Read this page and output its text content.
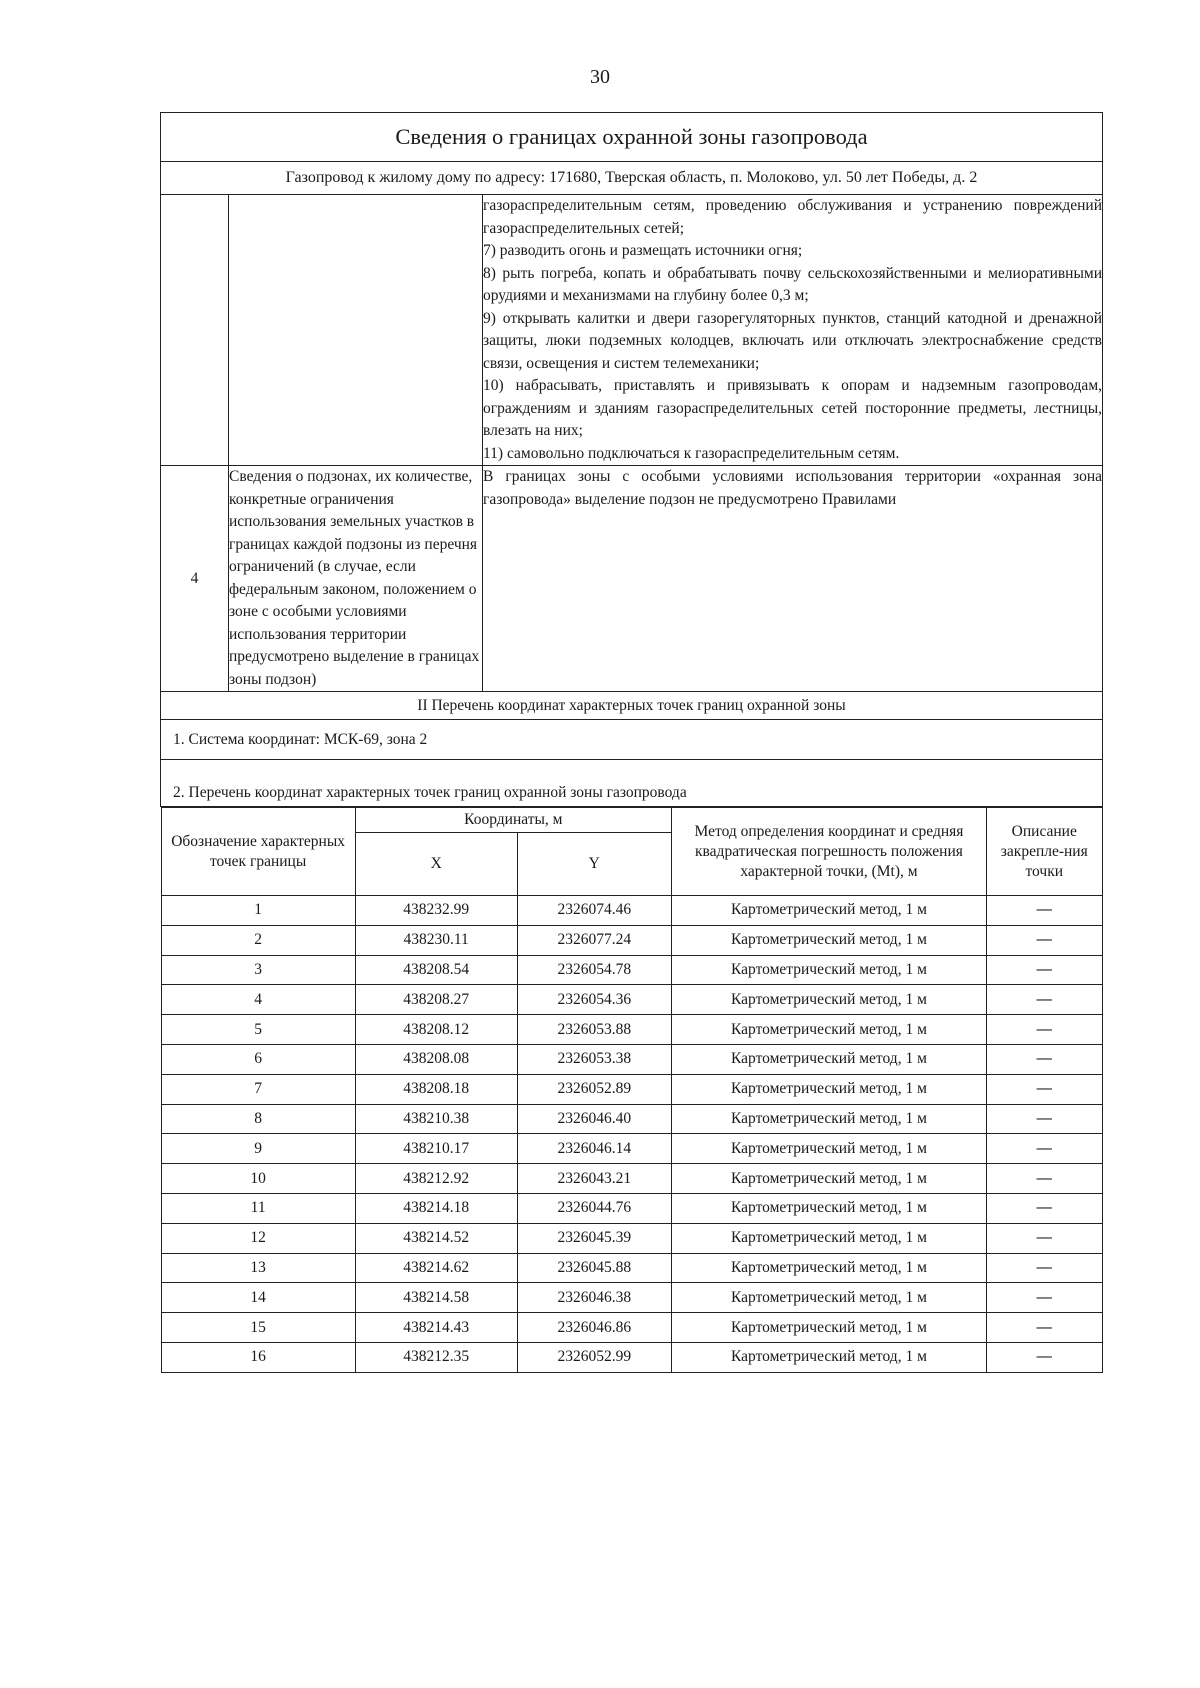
30
Сведения о границах охранной зоны газопровода
Газопровод к жилому дому по адресу: 171680, Тверская область, п. Молоково, ул. 50 лет Победы, д. 2

газораспределительным сетям, проведению обслуживания и устранению повреждений газораспределительных сетей;

7) разводить огонь и размещать источники огня;

8) рыть погреба, копать и обрабатывать почву сельскохозяйственными и мелиоративными орудиями и механизмами на глубину более 0,3 м;

9) открывать калитки и двери газорегуляторных пунктов, станций катодной и дренажной защиты, люки подземных колодцев, включать или отключать электроснабжение средств связи, освещения и систем телемеханики;

10) набрасывать, приставлять и привязывать к опорам и надземным газопроводам, ограждениям и зданиям газораспределительных сетей посторонние предметы, лестницы, влезать на них;

11) самовольно подключаться к газораспределительным сетям.

4	Сведения о подзонах, их количестве, конкретные ограничения использования земельных участков в границах каждой подзоны из перечня ограничений (в случае, если федеральным законом, положением о зоне с особыми условиями использования территории предусмотрено выделение в границах зоны подзон)	В границах зоны с особыми условиями использования территории «охранная зона газопровода» выделение подзон не предусмотрено Правилами
II Перечень координат характерных точек границ охранной зоны
1. Система координат: МСК-69, зона 2
2. Перечень координат характерных точек границ охранной зоны газопровода

Обозначение характерных точек границы	Координаты, м	Метод определения координат и средняя квадратическая погрешность положения характерной точки, (Mt), м	Описание закрепле-ния точки
X	Y
1	438232.99	2326074.46	Картометрический метод, 1 м	—
2	438230.11	2326077.24	Картометрический метод, 1 м	—
3	438208.54	2326054.78	Картометрический метод, 1 м	—
4	438208.27	2326054.36	Картометрический метод, 1 м	—
5	438208.12	2326053.88	Картометрический метод, 1 м	—
6	438208.08	2326053.38	Картометрический метод, 1 м	—
7	438208.18	2326052.89	Картометрический метод, 1 м	—
8	438210.38	2326046.40	Картометрический метод, 1 м	—
9	438210.17	2326046.14	Картометрический метод, 1 м	—
10	438212.92	2326043.21	Картометрический метод, 1 м	—
11	438214.18	2326044.76	Картометрический метод, 1 м	—
12	438214.52	2326045.39	Картометрический метод, 1 м	—
13	438214.62	2326045.88	Картометрический метод, 1 м	—
14	438214.58	2326046.38	Картометрический метод, 1 м	—
15	438214.43	2326046.86	Картометрический метод, 1 м	—
16	438212.35	2326052.99	Картометрический метод, 1 м	—
